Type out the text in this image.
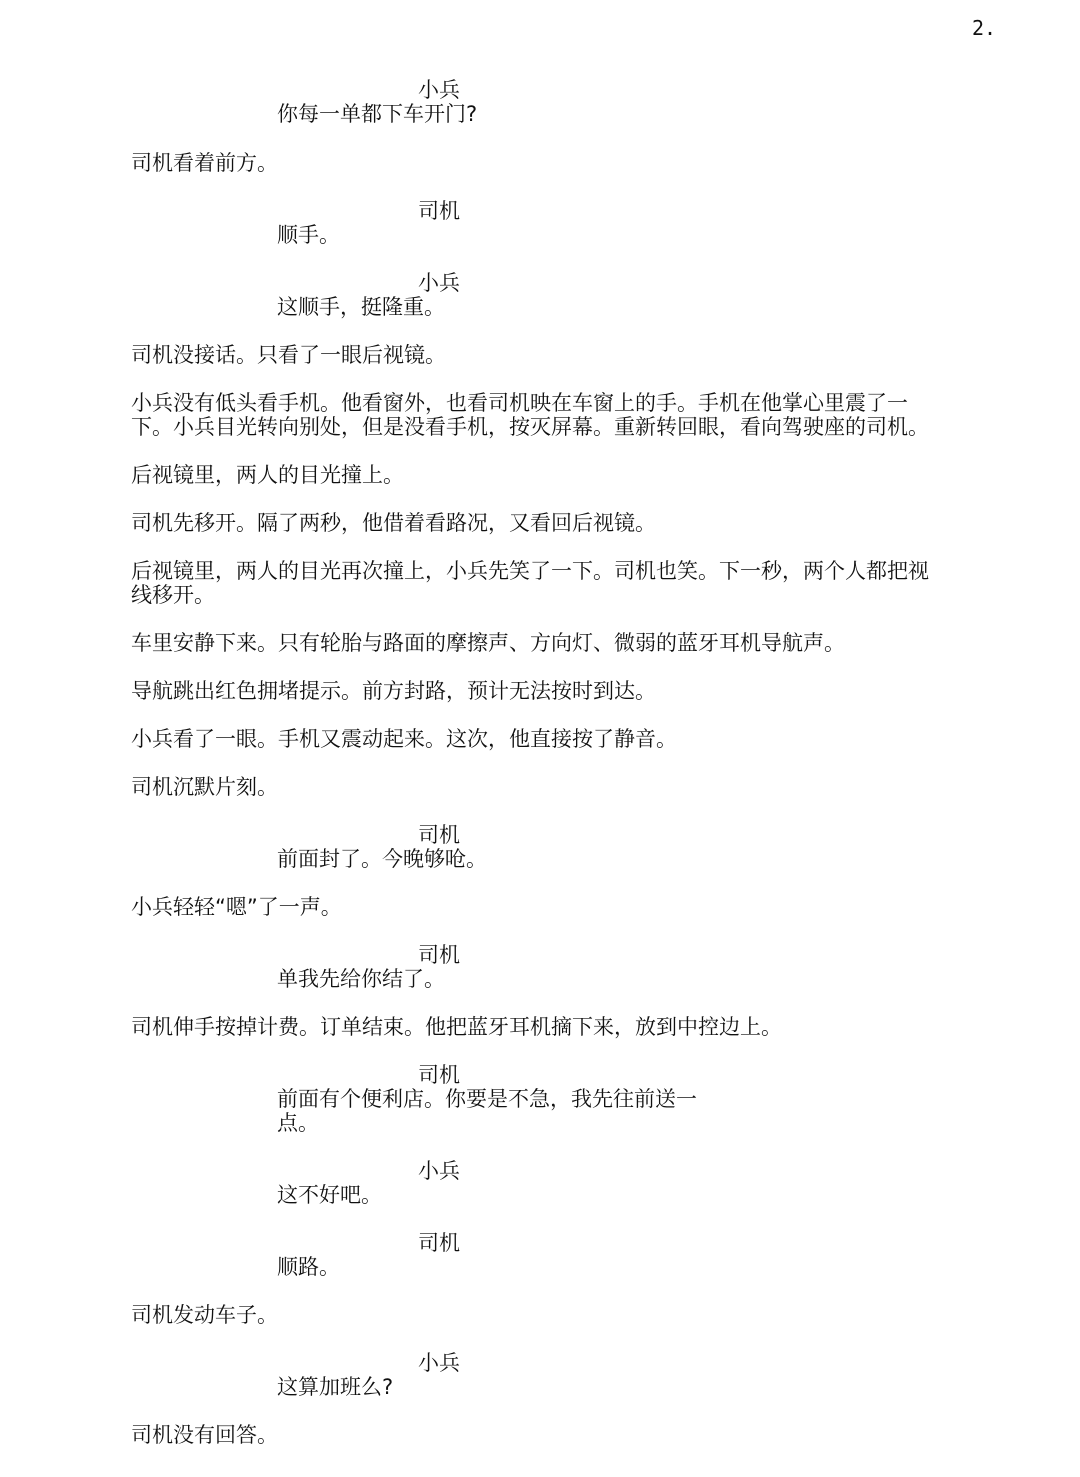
2.
小兵
你每一单都下车开门?
司机看着前方。
司机
顺手。
小兵
这顺手，挺隆重。
司机没接话。只看了一眼后视镜。
小兵没有低头看手机。他看窗外，也看司机映在车窗上的手。手机在他掌心里震了一
下。小兵目光转向别处，但是没看手机，按灭屏幕。重新转回眼，看向驾驶座的司机。
后视镜里，两人的目光撞上。
司机先移开。隔了两秒，他借着看路况，又看回后视镜。
后视镜里，两人的目光再次撞上，小兵先笑了一下。司机也笑。下一秒，两个人都把视
线移开。
车里安静下来。只有轮胎与路面的摩擦声、方向灯、微弱的蓝牙耳机导航声。
导航跳出红色拥堵提示。前方封路，预计无法按时到达。
小兵看了一眼。手机又震动起来。这次，他直接按了静音。
司机沉默片刻。
司机
前面封了。今晚够呛。
小兵轻轻“嗯”了一声。
司机
单我先给你结了。
司机伸手按掉计费。订单结束。他把蓝牙耳机摘下来，放到中控边上。
司机
前面有个便利店。你要是不急，我先往前送一
点。
小兵
这不好吧。
司机
顺路。
司机发动车子。
小兵
这算加班么?
司机没有回答。
